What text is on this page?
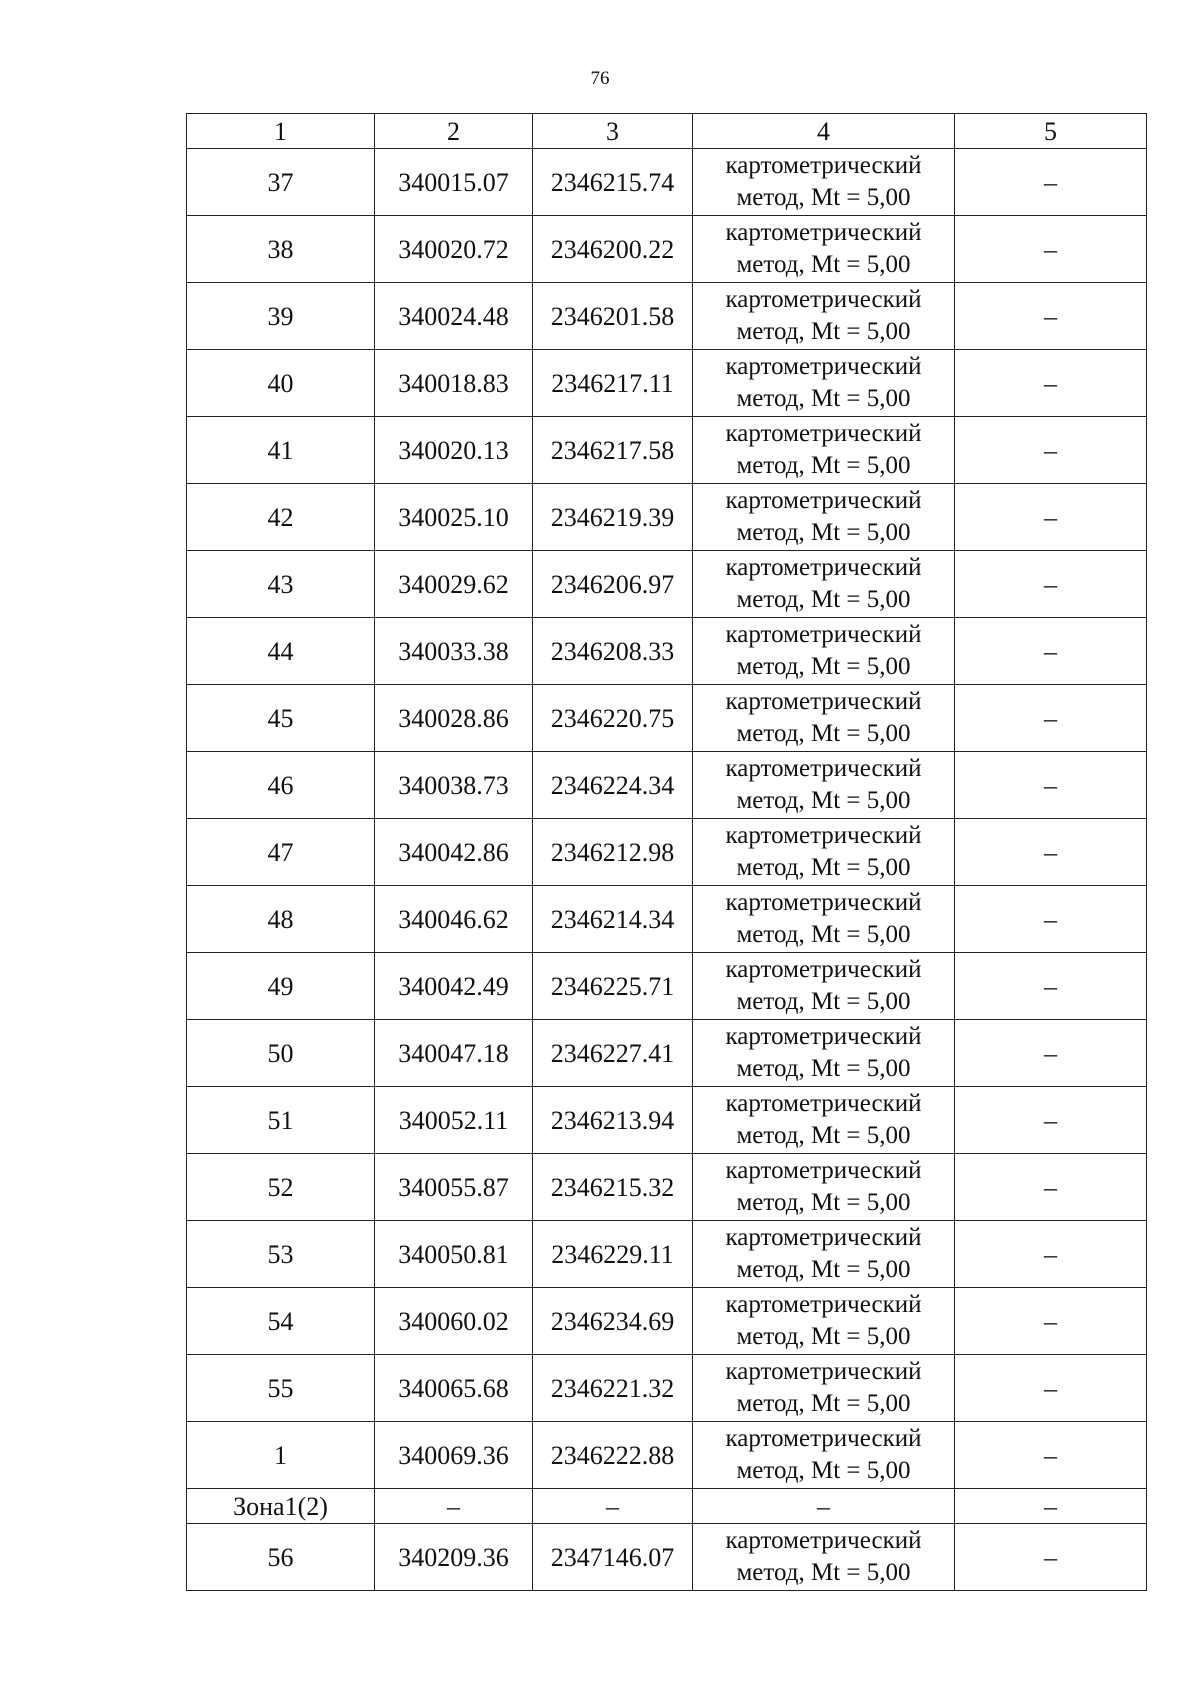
76
1	2	3	4	5
37	340015.07	2346215.74	картометрический метод, Mt = 5,00	–
38	340020.72	2346200.22	картометрический метод, Mt = 5,00	–
39	340024.48	2346201.58	картометрический метод, Mt = 5,00	–
40	340018.83	2346217.11	картометрический метод, Mt = 5,00	–
41	340020.13	2346217.58	картометрический метод, Mt = 5,00	–
42	340025.10	2346219.39	картометрический метод, Mt = 5,00	–
43	340029.62	2346206.97	картометрический метод, Mt = 5,00	–
44	340033.38	2346208.33	картометрический метод, Mt = 5,00	–
45	340028.86	2346220.75	картометрический метод, Mt = 5,00	–
46	340038.73	2346224.34	картометрический метод, Mt = 5,00	–
47	340042.86	2346212.98	картометрический метод, Mt = 5,00	–
48	340046.62	2346214.34	картометрический метод, Mt = 5,00	–
49	340042.49	2346225.71	картометрический метод, Mt = 5,00	–
50	340047.18	2346227.41	картометрический метод, Mt = 5,00	–
51	340052.11	2346213.94	картометрический метод, Mt = 5,00	–
52	340055.87	2346215.32	картометрический метод, Mt = 5,00	–
53	340050.81	2346229.11	картометрический метод, Mt = 5,00	–
54	340060.02	2346234.69	картометрический метод, Mt = 5,00	–
55	340065.68	2346221.32	картометрический метод, Mt = 5,00	–
1	340069.36	2346222.88	картометрический метод, Mt = 5,00	–
Зона1(2)	–	–	–	–
56	340209.36	2347146.07	картометрический метод, Mt = 5,00	–
